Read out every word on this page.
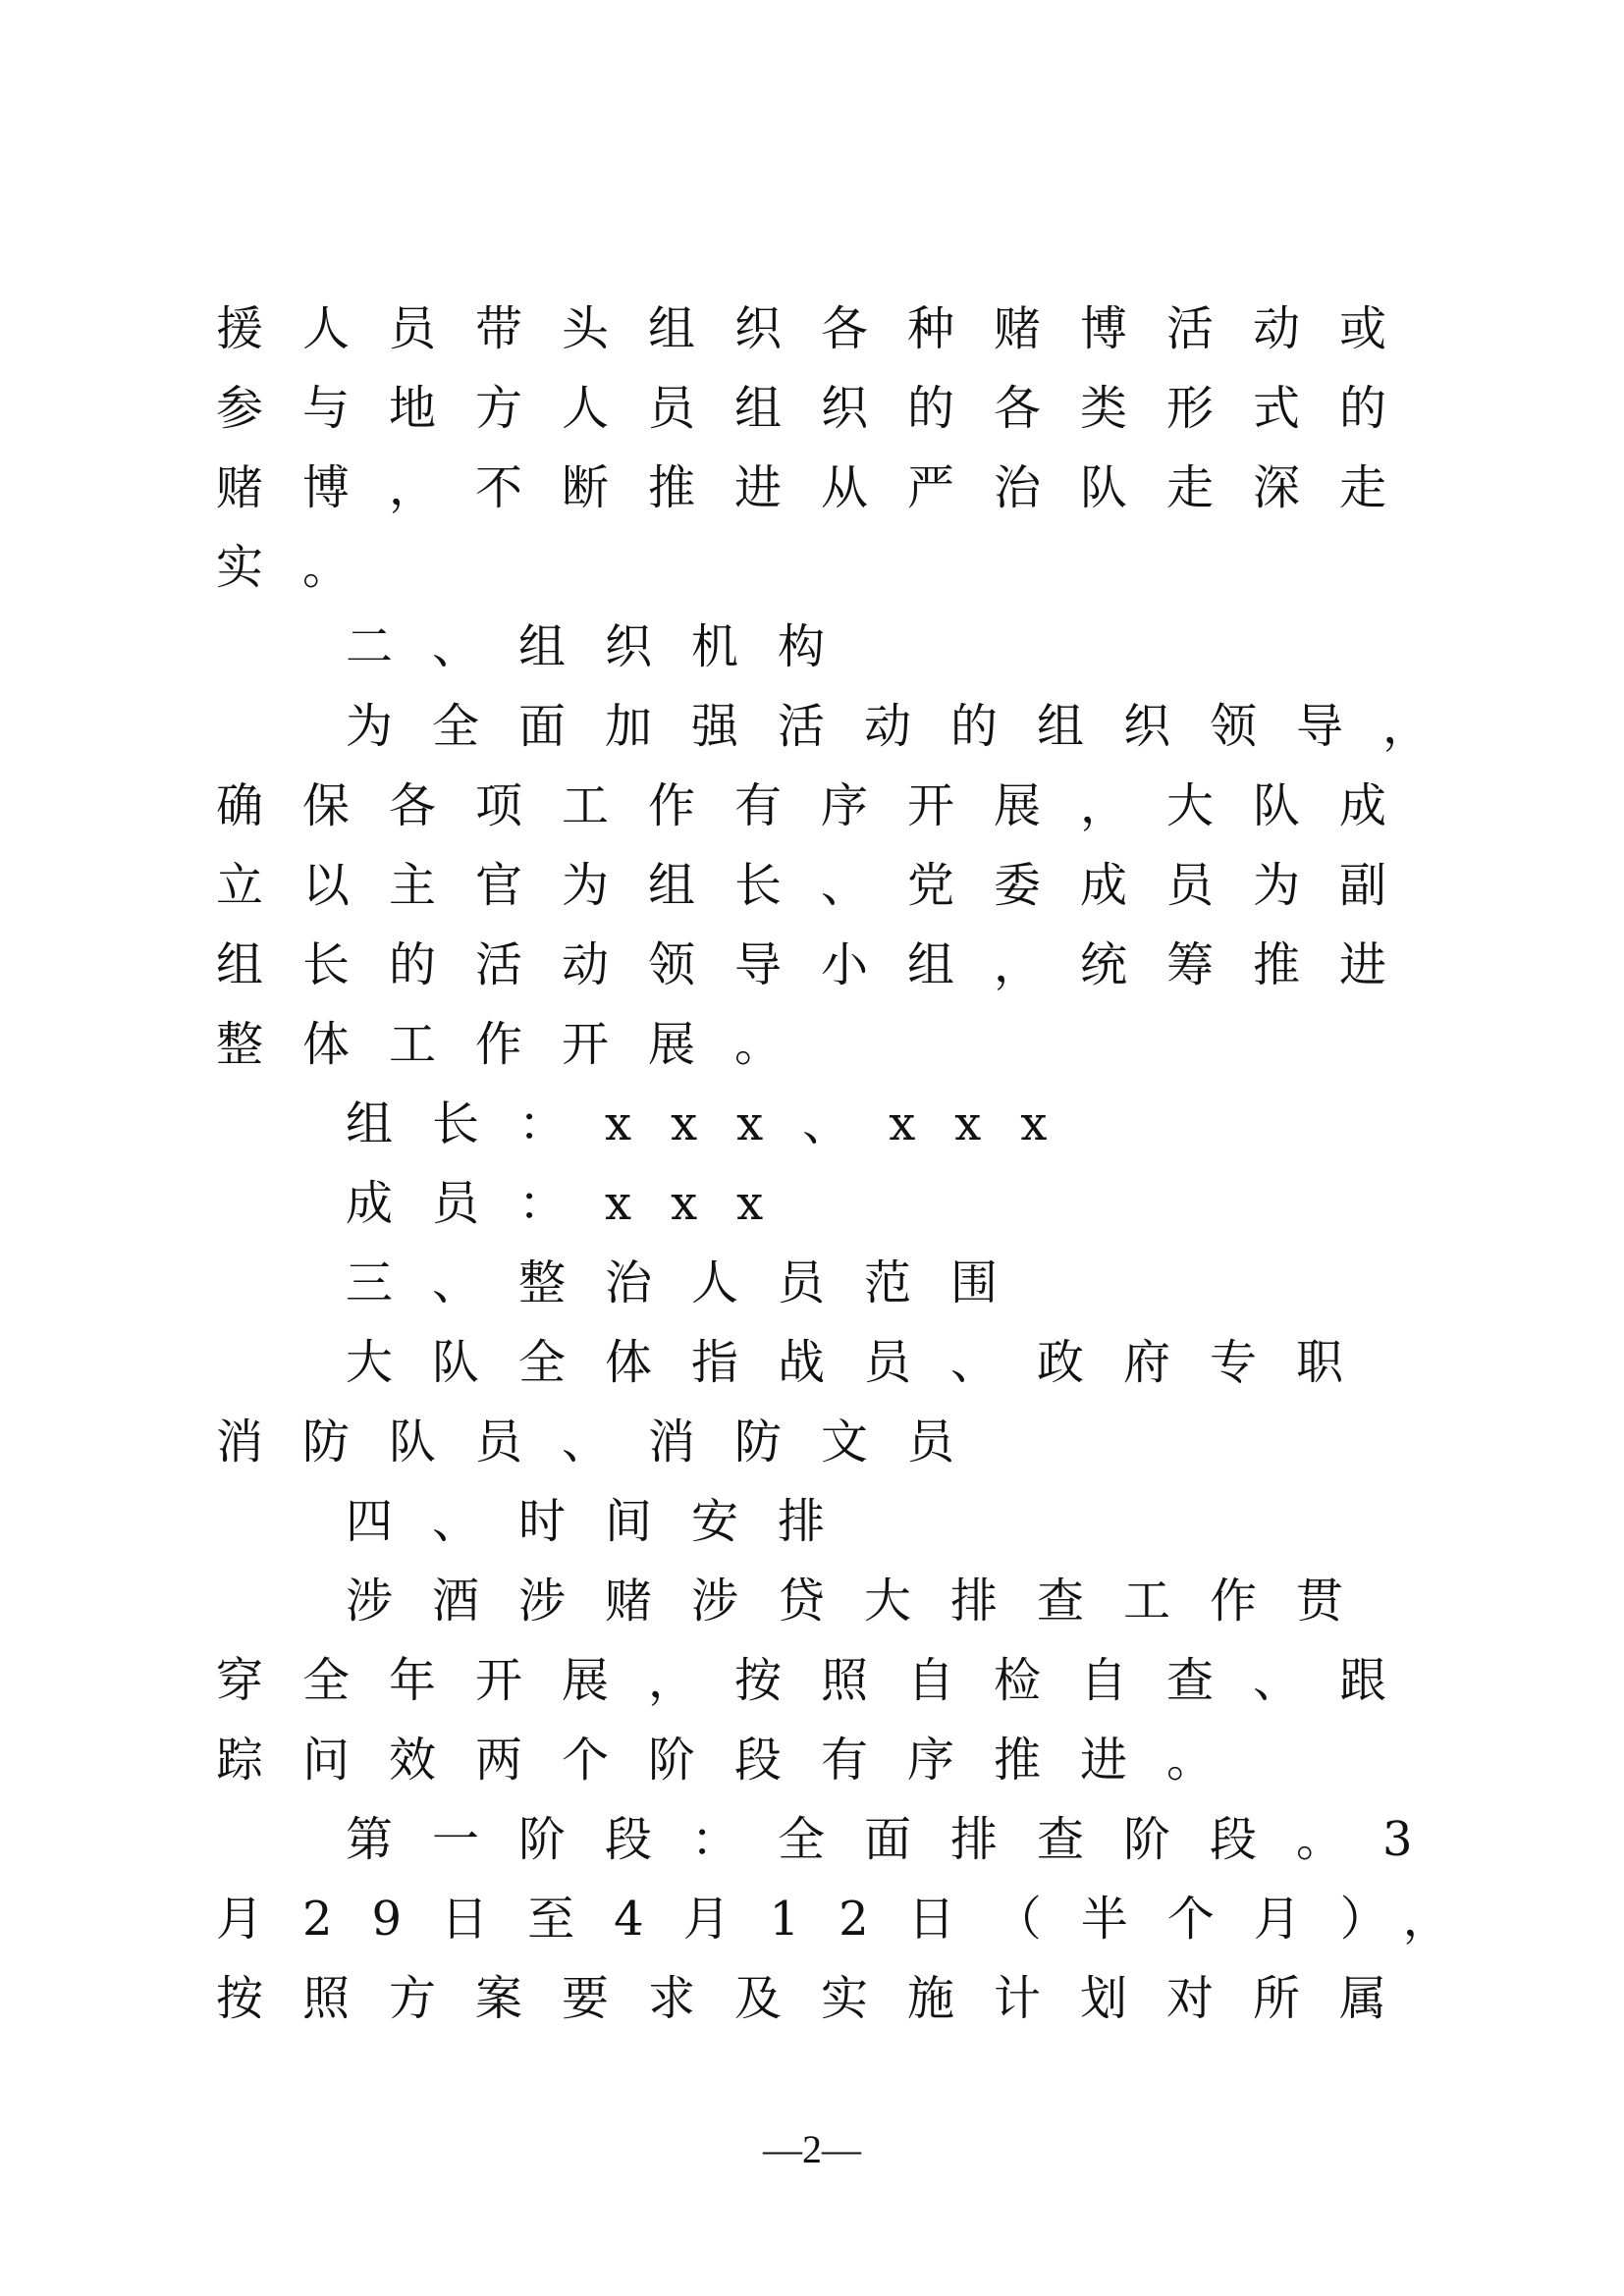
援人员带头组织各种赌博活动或

参与地方人员组织的各类形式的

赌博，不断推进从严治队走深走

实。

二、组织机构

为全面加强活动的组织领导，

确保各项工作有序开展，大队成

立以主官为组长、党委成员为副

组长的活动领导小组，统筹推进

整体工作开展。

组长：xxx、xxx

成员：xxx

三、整治人员范围

大队全体指战员、政府专职

消防队员、消防文员

四、时间安排

涉酒涉赌涉贷大排查工作贯

穿全年开展，按照自检自查、跟

踪问效两个阶段有序推进。

第一阶段：全面排查阶段。3

月29日至4月12日（半个月），

按照方案要求及实施计划对所属

—2—
